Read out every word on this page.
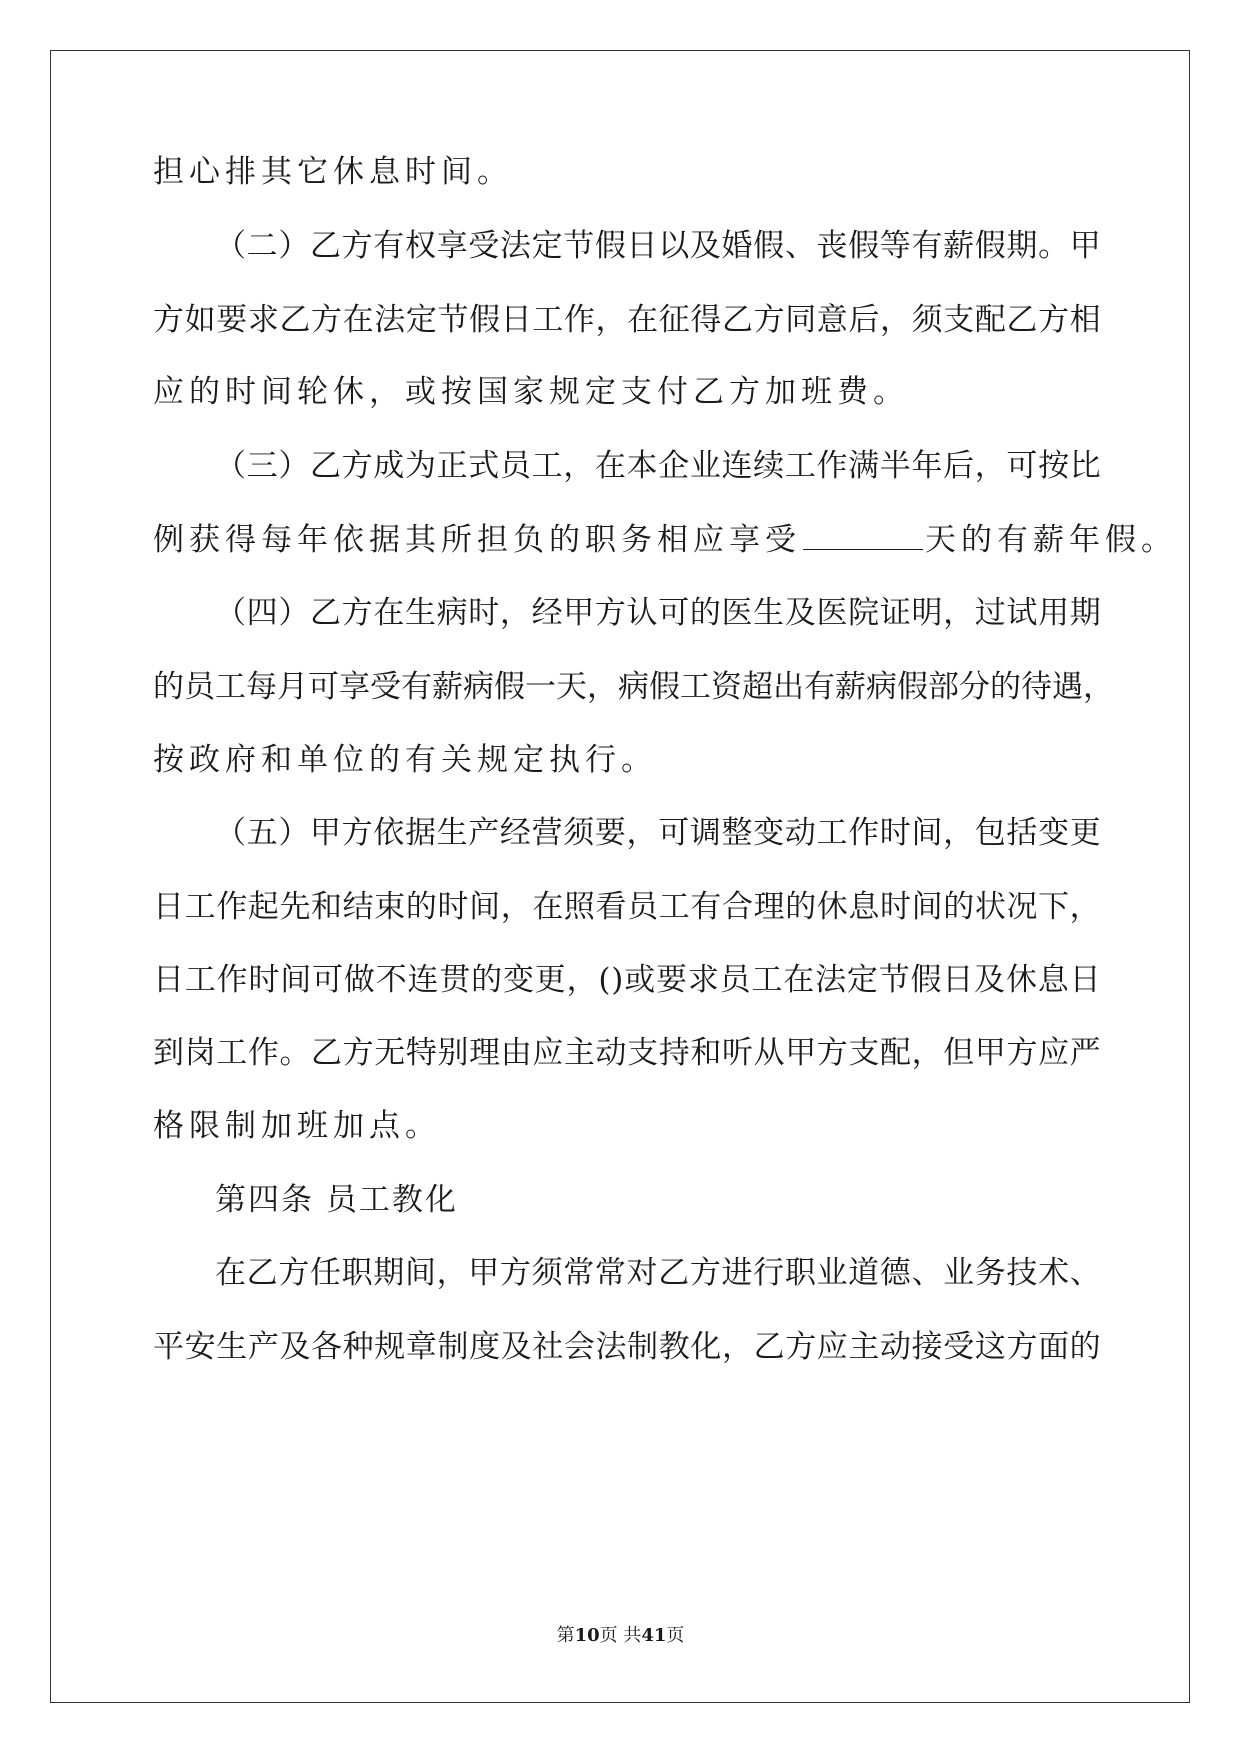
担心排其它休息时间。
（ 二 ） 乙 方 有 权 享 受 法 定 节 假 日 以 及 婚 假 、 丧 假 等 有 薪 假 期 。 甲
方 如 要 求 乙 方 在 法 定 节 假 日 工 作 ， 在 征 得 乙 方 同 意 后 ， 须 支 配 乙 方 相
应的时间轮休，或按国家规定支付乙方加班费。
（ 三 ） 乙 方 成 为 正 式 员 工 ， 在 本 企 业 连 续 工 作 满 半 年 后 ， 可 按 比
例获得每年依据其所担负的职务相应享受	天的有薪年假。
（ 四 ） 乙 方 在 生 病 时 ， 经 甲 方 认 可 的 医 生 及 医 院 证 明 ， 过 试 用 期
的 员 工 每 月 可 享 受 有 薪 病 假 一 天 ， 病 假 工 资 超 出 有 薪 病 假 部 分 的 待 遇 ，
按政府和单位的有关规定执行。
（ 五 ） 甲 方 依 据 生 产 经 营 须 要 ， 可 调 整 变 动 工 作 时 间 ， 包 括 变 更
日 工 作 起 先 和 结 束 的 时 间 ， 在 照 看 员 工 有 合 理 的 休 息 时 间 的 状 况 下 ，
日 工 作 时 间 可 做 不 连 贯 的 变 更 ， ( ) 或 要 求 员 工 在 法 定 节 假 日 及 休 息 日
到 岗 工 作 。 乙 方 无 特 别 理 由 应 主 动 支 持 和 听 从 甲 方 支 配 ， 但 甲 方 应 严
格限制加班加点。
第四条 员工教化
在 乙 方 任 职 期 间 ， 甲 方 须 常 常 对 乙 方 进 行 职 业 道 德 、 业 务 技 术 、
平 安 生 产 及 各 种 规 章 制 度 及 社 会 法 制 教 化 ， 乙 方 应 主 动 接 受 这 方 面 的
第10页 共41页
